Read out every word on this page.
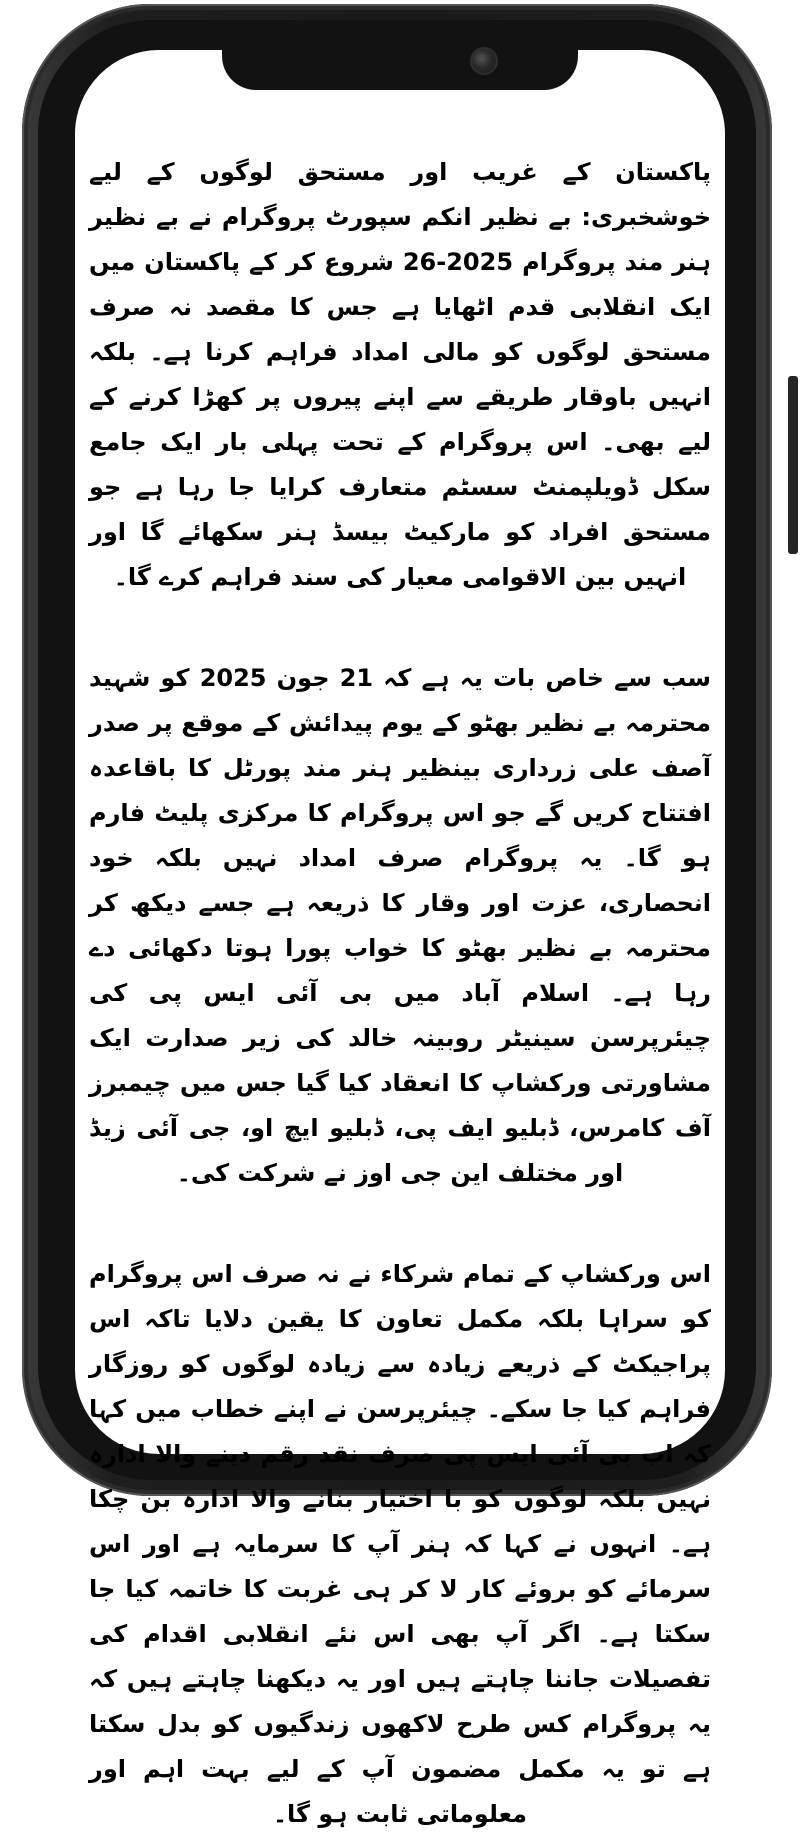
پاکستان کے غریب اور مستحق لوگوں کے لیے خوشخبری: بے نظیر انکم سپورٹ پروگرام نے بے نظیر ہنر مند پروگرام 2025-26 شروع کر کے پاکستان میں ایک انقلابی قدم اٹھایا ہے جس کا مقصد نہ صرف مستحق لوگوں کو مالی امداد فراہم کرنا ہے۔ بلکہ انہیں باوقار طریقے سے اپنے پیروں پر کھڑا کرنے کے لیے بھی۔ اس پروگرام کے تحت پہلی بار ایک جامع سکل ڈویلپمنٹ سسٹم متعارف کرایا جا رہا ہے جو مستحق افراد کو مارکیٹ بیسڈ ہنر سکھائے گا اور انہیں بین الاقوامی معیار کی سند فراہم کرے گا۔

سب سے خاص بات یہ ہے کہ 21 جون 2025 کو شہید محترمہ بے نظیر بھٹو کے یوم پیدائش کے موقع پر صدر آصف علی زرداری بینظیر ہنر مند پورٹل کا باقاعدہ افتتاح کریں گے جو اس پروگرام کا مرکزی پلیٹ فارم ہو گا۔ یہ پروگرام صرف امداد نہیں بلکہ خود انحصاری، عزت اور وقار کا ذریعہ ہے جسے دیکھ کر محترمہ بے نظیر بھٹو کا خواب پورا ہوتا دکھائی دے رہا ہے۔ اسلام آباد میں بی آئی ایس پی کی چیئرپرسن سینیٹر روبینہ خالد کی زیر صدارت ایک مشاورتی ورکشاپ کا انعقاد کیا گیا جس میں چیمبرز آف کامرس، ڈبلیو ایف پی، ڈبلیو ایچ او، جی آئی زیڈ اور مختلف این جی اوز نے شرکت کی۔

اس ورکشاپ کے تمام شرکاء نے نہ صرف اس پروگرام کو سراہا بلکہ مکمل تعاون کا یقین دلایا تاکہ اس پراجیکٹ کے ذریعے زیادہ سے زیادہ لوگوں کو روزگار فراہم کیا جا سکے۔ چیئرپرسن نے اپنے خطاب میں کہا کہ اب بی آئی ایس پی صرف نقد رقم دینے والا ادارہ نہیں بلکہ لوگوں کو با اختیار بنانے والا ادارہ بن چکا ہے۔ انہوں نے کہا کہ ہنر آپ کا سرمایہ ہے اور اس سرمائے کو بروئے کار لا کر ہی غربت کا خاتمہ کیا جا سکتا ہے۔ اگر آپ بھی اس نئے انقلابی اقدام کی تفصیلات جاننا چاہتے ہیں اور یہ دیکھنا چاہتے ہیں کہ یہ پروگرام کس طرح لاکھوں زندگیوں کو بدل سکتا ہے تو یہ مکمل مضمون آپ کے لیے بہت اہم اور معلوماتی ثابت ہو گا۔
